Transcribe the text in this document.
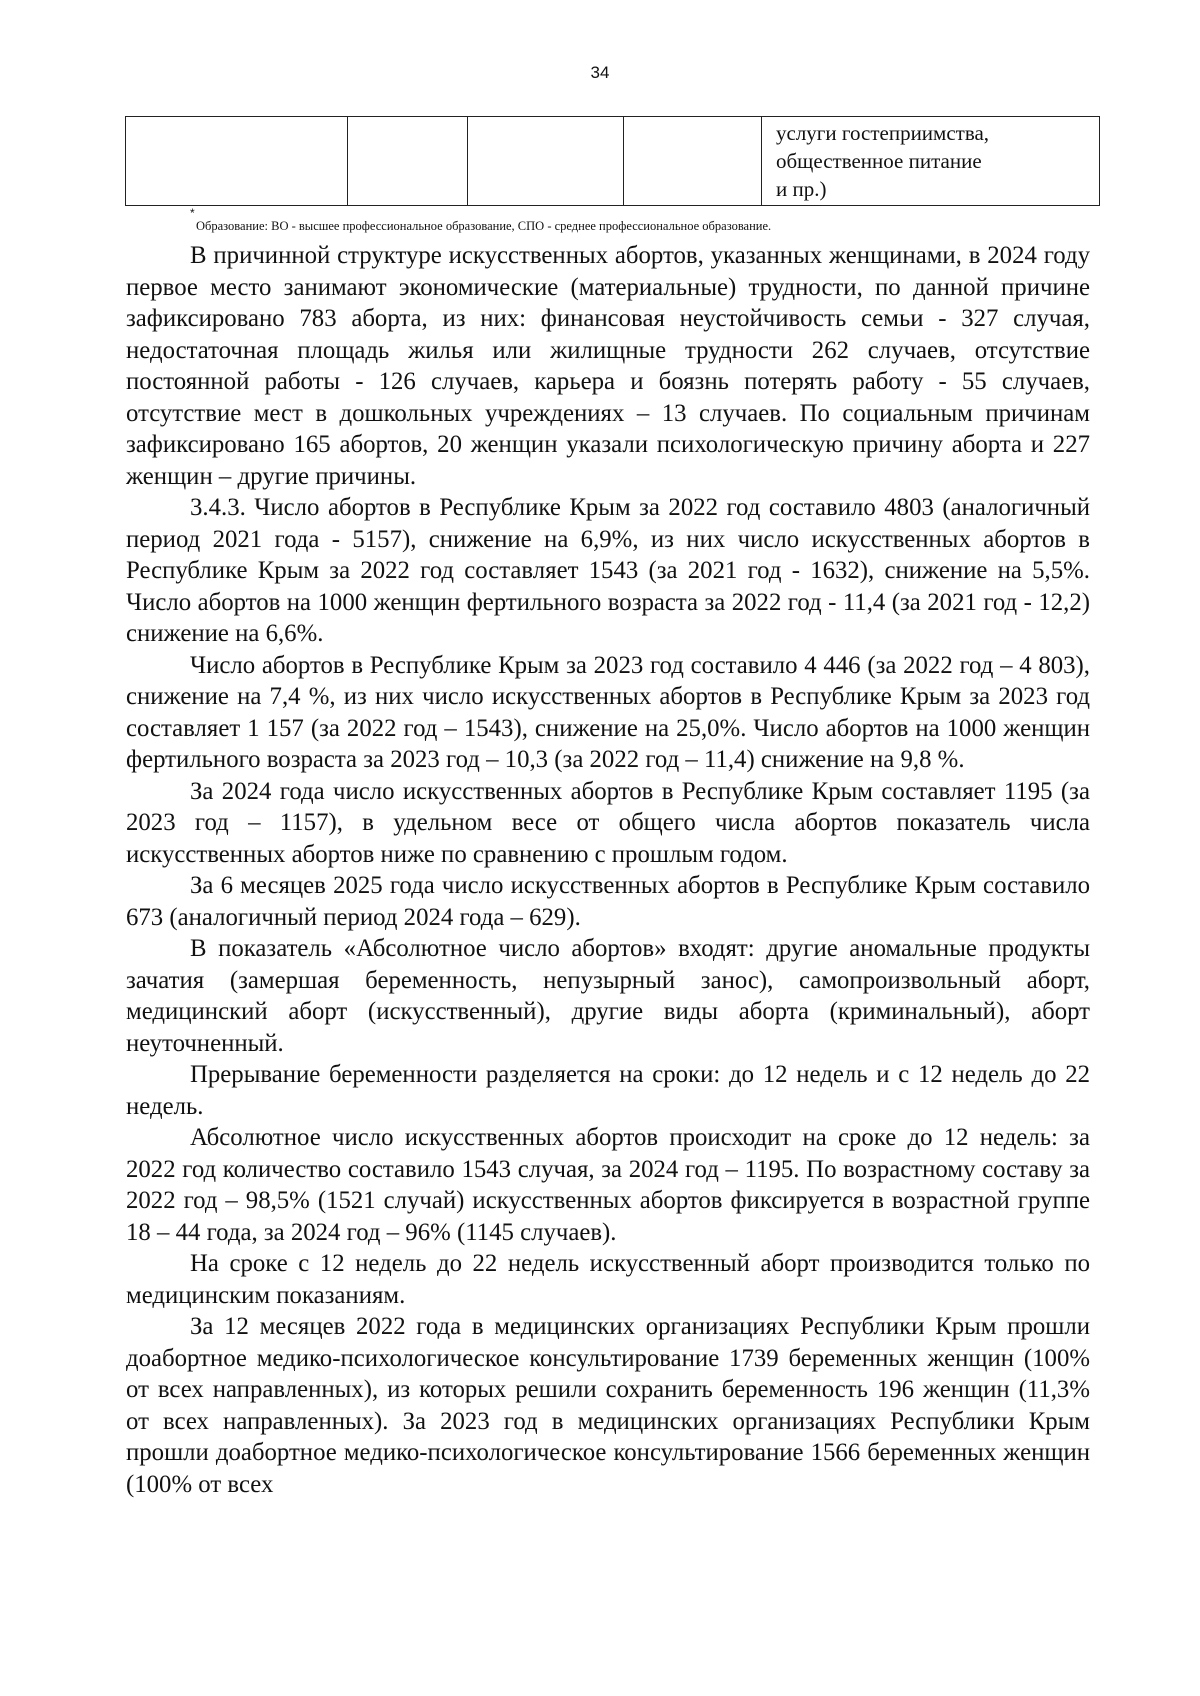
34
				услуги гостеприимства,
общественное питание
и пр.)
*
Образование: ВО - высшее профессиональное образование, СПО - среднее профессиональное образование.

В причинной структуре искусственных абортов, указанных женщинами, в 2024 году первое место занимают экономические (материальные) трудности, по данной причине зафиксировано 783 аборта, из них: финансовая неустойчивость семьи - 327 случая, недостаточная площадь жилья или жилищные трудности 262 случаев, отсутствие постоянной работы - 126 случаев, карьера и боязнь потерять работу - 55 случаев, отсутствие мест в дошкольных учреждениях – 13 случаев. По социальным причинам зафиксировано 165 абортов, 20 женщин указали психологическую причину аборта и 227 женщин – другие причины.

3.4.3. Число абортов в Республике Крым за 2022 год составило 4803 (аналогичный период 2021 года - 5157), снижение на 6,9%, из них число искусственных абортов в Республике Крым за 2022 год составляет 1543 (за 2021 год - 1632), снижение на 5,5%. Число абортов на 1000 женщин фертильного возраста за 2022 год - 11,4 (за 2021 год - 12,2) снижение на 6,6%.

Число абортов в Республике Крым за 2023 год составило 4 446 (за 2022 год – 4 803), снижение на 7,4 %, из них число искусственных абортов в Республике Крым за 2023 год составляет 1 157 (за 2022 год – 1543), снижение на 25,0%. Число абортов на 1000 женщин фертильного возраста за 2023 год – 10,3 (за 2022 год – 11,4) снижение на 9,8 %.

За 2024 года число искусственных абортов в Республике Крым составляет 1195 (за 2023 год – 1157), в удельном весе от общего числа абортов показатель числа искусственных абортов ниже по сравнению с прошлым годом.

За 6 месяцев 2025 года число искусственных абортов в Республике Крым составило 673 (аналогичный период 2024 года – 629).

В показатель «Абсолютное число абортов» входят: другие аномальные продукты зачатия (замершая беременность, непузырный занос), самопроизвольный аборт, медицинский аборт (искусственный), другие виды аборта (криминальный), аборт неуточненный.

Прерывание беременности разделяется на сроки: до 12 недель и с 12 недель до 22 недель.

Абсолютное число искусственных абортов происходит на сроке до 12 недель: за 2022 год количество составило 1543 случая, за 2024 год – 1195. По возрастному составу за 2022 год – 98,5% (1521 случай) искусственных абортов фиксируется в возрастной группе 18 – 44 года, за 2024 год – 96% (1145 случаев).

На сроке с 12 недель до 22 недель искусственный аборт производится только по медицинским показаниям.

За 12 месяцев 2022 года в медицинских организациях Республики Крым прошли доабортное медико-психологическое консультирование 1739 беременных женщин (100% от всех направленных), из которых решили сохранить беременность 196 женщин (11,3% от всех направленных). За 2023 год в медицинских организациях Республики Крым прошли доабортное медико-психологическое консультирование 1566 беременных женщин (100% от всех
